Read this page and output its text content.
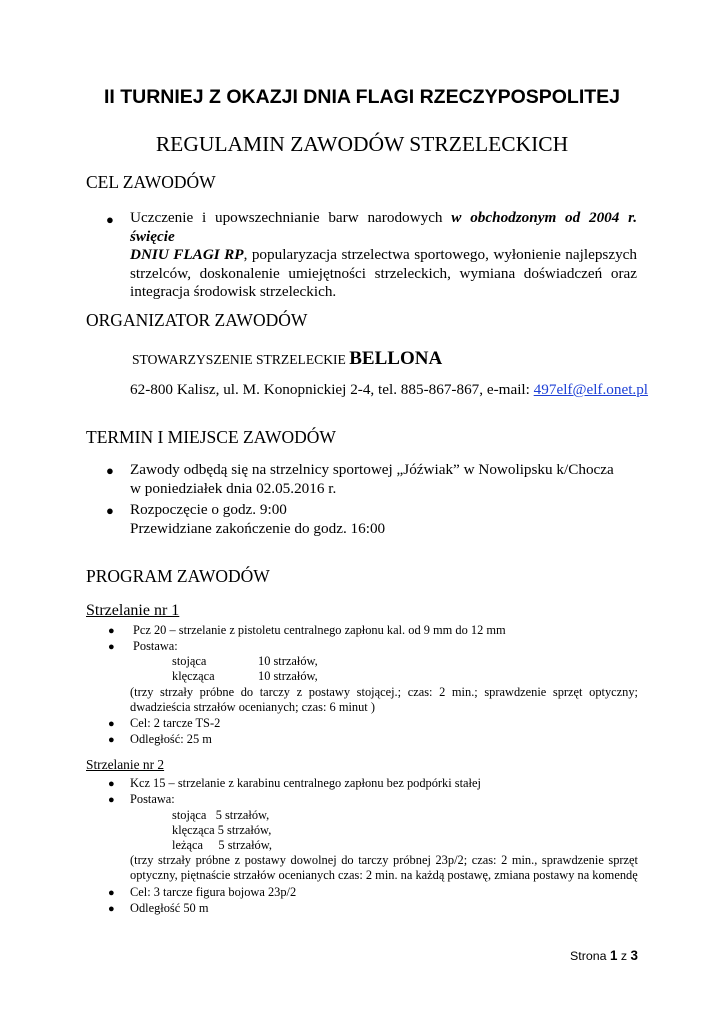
II TURNIEJ Z OKAZJI DNIA FLAGI RZECZYPOSPOLITEJ
REGULAMIN ZAWODÓW STRZELECKICH
CEL ZAWODÓW
● Uczczenie i upowszechnianie barw narodowych w obchodzonym od 2004 r. święcie
DNIU FLAGI RP, popularyzacja strzelectwa sportowego, wyłonienie najlepszych
strzelców, doskonalenie umiejętności strzeleckich, wymiana doświadczeń oraz
integracja środowisk strzeleckich.
ORGANIZATOR ZAWODÓW
STOWARZYSZENIE STRZELECKIE BELLONA
62-800 Kalisz, ul. M. Konopnickiej 2-4, tel. 885-867-867, e-mail: 497elf@elf.onet.pl
TERMIN I MIEJSCE ZAWODÓW
● Zawody odbędą się na strzelnicy sportowej „Jóźwiak” w Nowolipsku k/Chocza
w poniedziałek dnia 02.05.2016 r.
● Rozpoczęcie o godz. 9:00
Przewidziane zakończenie do godz. 16:00
PROGRAM ZAWODÓW
Strzelanie nr 1
● Pcz 20 – strzelanie z pistoletu centralnego zapłonu kal. od 9 mm do 12 mm
● Postawa:
stojąca	10 strzałów,
klęcząca	10 strzałów,
(trzy strzały próbne do tarczy z postawy stojącej.; czas: 2 min.; sprawdzenie sprzęt optyczny;
dwadzieścia strzałów ocenianych; czas: 6 minut )
● Cel: 2 tarcze TS-2
● Odległość: 25 m
Strzelanie nr 2
● Kcz 15 – strzelanie z karabinu centralnego zapłonu bez podpórki stałej
● Postawa:
stojąca   5 strzałów,
klęcząca 5 strzałów,
leżąca     5 strzałów,
(trzy strzały próbne z postawy dowolnej do tarczy próbnej 23p/2; czas: 2 min., sprawdzenie sprzęt
optyczny, piętnaście strzałów ocenianych czas: 2 min. na każdą postawę, zmiana postawy na komendę
● Cel: 3 tarcze figura bojowa 23p/2
● Odległość 50 m
Strona 1 z 3
